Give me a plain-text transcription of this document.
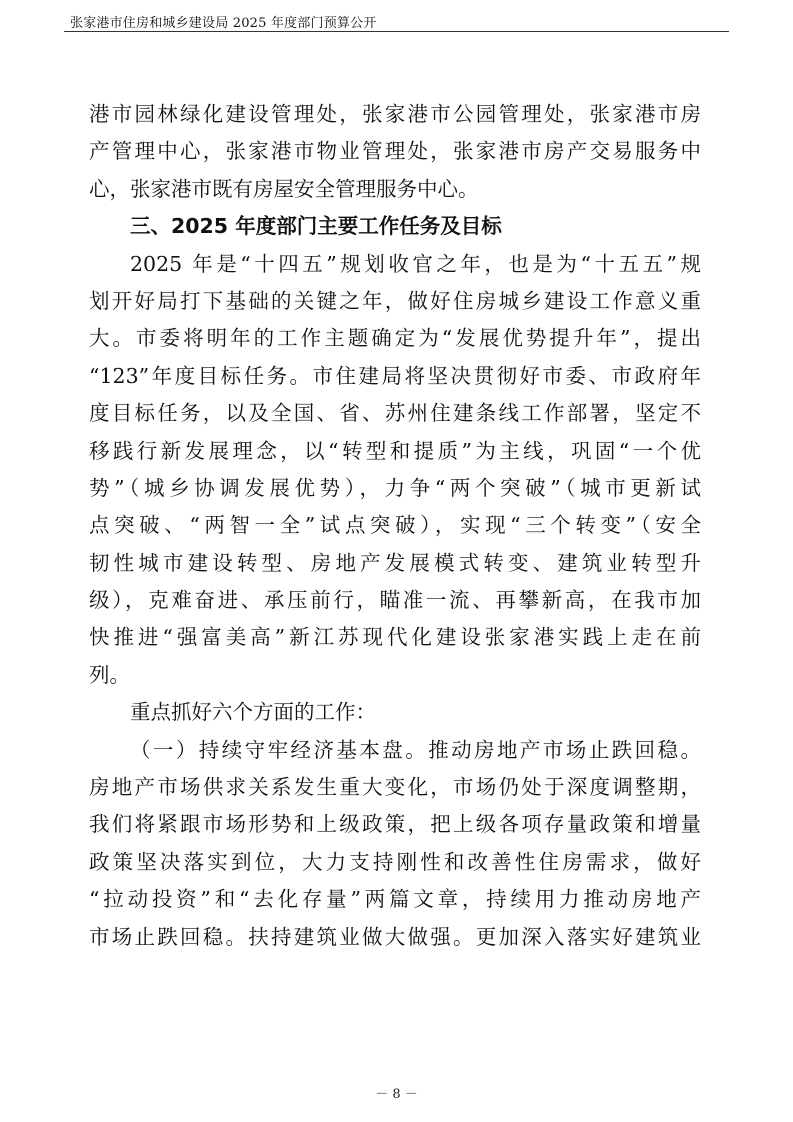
张家港市住房和城乡建设局 2025 年度部门预算公开
港市园林绿化建设管理处，张家港市公园管理处，张家港市房
产管理中心，张家港市物业管理处，张家港市房产交易服务中
心，张家港市既有房屋安全管理服务中心。
三、2025 年度部门主要工作任务及目标
2025 年是“十四五”规划收官之年，也是为“十五五”规
划开好局打下基础的关键之年，做好住房城乡建设工作意义重
大。市委将明年的工作主题确定为“发展优势提升年”，提出
“123”年度目标任务。市住建局将坚决贯彻好市委、市政府年
度目标任务，以及全国、省、苏州住建条线工作部署，坚定不
移践行新发展理念，以“转型和提质”为主线，巩固“一个优
势”（城乡协调发展优势），力争“两个突破”（城市更新试
点突破、“两智一全”试点突破），实现“三个转变”（安全
韧性城市建设转型、房地产发展模式转变、建筑业转型升
级），克难奋进、承压前行，瞄准一流、再攀新高，在我市加
快推进“强富美高”新江苏现代化建设张家港实践上走在前
列。
重点抓好六个方面的工作：
（一）持续守牢经济基本盘。推动房地产市场止跌回稳。
房地产市场供求关系发生重大变化，市场仍处于深度调整期，
我们将紧跟市场形势和上级政策，把上级各项存量政策和增量
政策坚决落实到位，大力支持刚性和改善性住房需求，做好
“拉动投资”和“去化存量”两篇文章，持续用力推动房地产
市场止跌回稳。扶持建筑业做大做强。更加深入落实好建筑业
－ 8 －
